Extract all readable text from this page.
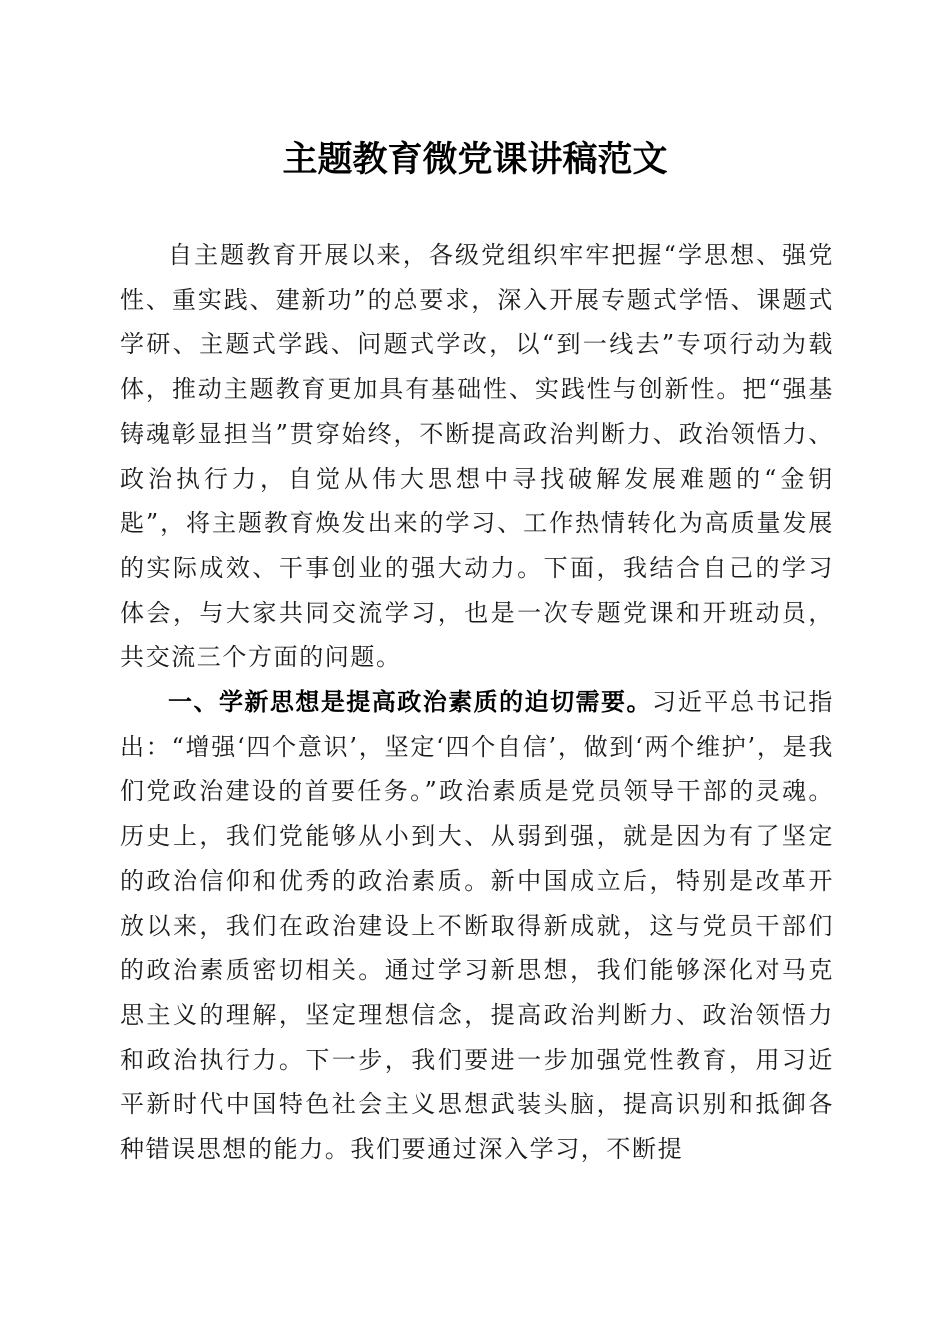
主题教育微党课讲稿范文

自主题教育开展以来，各级党组织牢牢把握“学思想、强党性、重实践、建新功”的总要求，深入开展专题式学悟、课题式学研、主题式学践、问题式学改，以“到一线去”专项行动为载体，推动主题教育更加具有基础性、实践性与创新性。把“强基铸魂彰显担当”贯穿始终，不断提高政治判断力、政治领悟力、政治执行力，自觉从伟大思想中寻找破解发展难题的“金钥匙”，将主题教育焕发出来的学习、工作热情转化为高质量发展的实际成效、干事创业的强大动力。下面，我结合自己的学习体会，与大家共同交流学习，也是一次专题党课和开班动员，共交流三个方面的问题。

一、学新思想是提高政治素质的迫切需要。习近平总书记指出：“增强‘四个意识’，坚定‘四个自信’，做到‘两个维护’，是我们党政治建设的首要任务。”政治素质是党员领导干部的灵魂。历史上，我们党能够从小到大、从弱到强，就是因为有了坚定的政治信仰和优秀的政治素质。新中国成立后，特别是改革开放以来，我们在政治建设上不断取得新成就，这与党员干部们的政治素质密切相关。通过学习新思想，我们能够深化对马克思主义的理解，坚定理想信念，提高政治判断力、政治领悟力和政治执行力。下一步，我们要进一步加强党性教育，用习近平新时代中国特色社会主义思想武装头脑，提高识别和抵御各种错误思想的能力。我们要通过深入学习，不断提
